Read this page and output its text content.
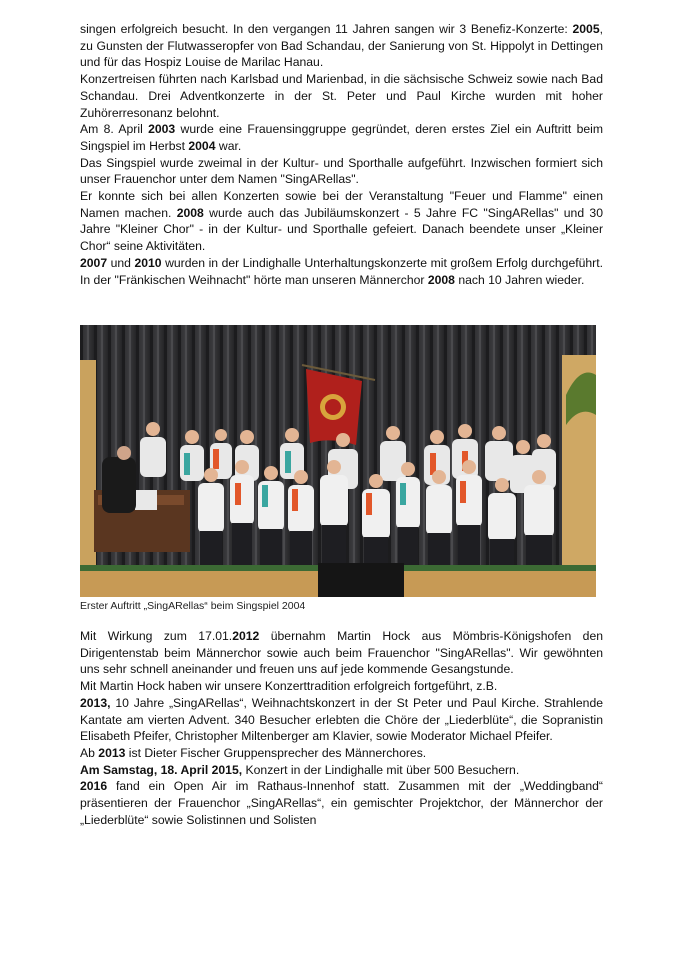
singen erfolgreich besucht. In den vergangen 11 Jahren sangen wir 3 Benefiz-Konzerte: 2005, zu Gunsten der Flutwasseropfer von Bad Schandau, der Sanierung von St. Hippolyt in Dettingen und für das Hospiz Louise de Marilac Hanau.

Konzertreisen führten nach Karlsbad und Marienbad, in die sächsische Schweiz sowie nach Bad Schandau. Drei Adventkonzerte in der St. Peter und Paul Kirche wurden mit hoher Zuhörerresonanz belohnt.

Am 8. April 2003 wurde eine Frauensinggruppe gegründet, deren erstes Ziel ein Auftritt beim Singspiel im Herbst 2004 war.

Das Singspiel wurde zweimal in der Kultur- und Sporthalle aufgeführt. Inzwischen formiert sich unser Frauenchor unter dem Namen "SingARellas".

Er konnte sich bei allen Konzerten sowie bei der Veranstaltung "Feuer und Flamme" einen Namen machen. 2008 wurde auch das Jubiläumskonzert - 5 Jahre FC "SingARellas" und 30 Jahre "Kleiner Chor" - in der Kultur- und Sporthalle gefeiert. Danach beendete unser „Kleiner Chor“ seine Aktivitäten.

2007 und 2010 wurden in der Lindighalle Unterhaltungskonzerte mit großem Erfolg durchgeführt. In der "Fränkischen Weihnacht" hörte man unseren Männerchor 2008 nach 10 Jahren wieder.

Erster Auftritt „SingARellas“ beim Singspiel 2004

Mit Wirkung zum 17.01.2012 übernahm Martin Hock aus Mömbris-Königshofen den Dirigentenstab beim Männerchor sowie auch beim Frauenchor "SingARellas". Wir gewöhnten uns sehr schnell aneinander und freuen uns auf jede kommende Gesangstunde.

Mit Martin Hock haben wir unsere Konzerttradition erfolgreich fortgeführt, z.B.

2013, 10 Jahre „SingARellas“, Weihnachtskonzert in der St Peter und Paul Kirche. Strahlende Kantate am vierten Advent. 340 Besucher erlebten die Chöre der „Liederblüte“, die Sopranistin Elisabeth Pfeifer, Christopher Miltenberger am Klavier, sowie Moderator Michael Pfeifer.

Ab 2013 ist Dieter Fischer Gruppensprecher des Männerchores.

Am Samstag, 18. April 2015, Konzert in der Lindighalle mit über 500 Besuchern.

2016 fand ein Open Air im Rathaus-Innenhof statt. Zusammen mit der „Weddingband“ präsentieren der Frauenchor „SingARellas“, ein gemischter Projektchor, der Männerchor der „Liederblüte“ sowie Solistinnen und Solisten
